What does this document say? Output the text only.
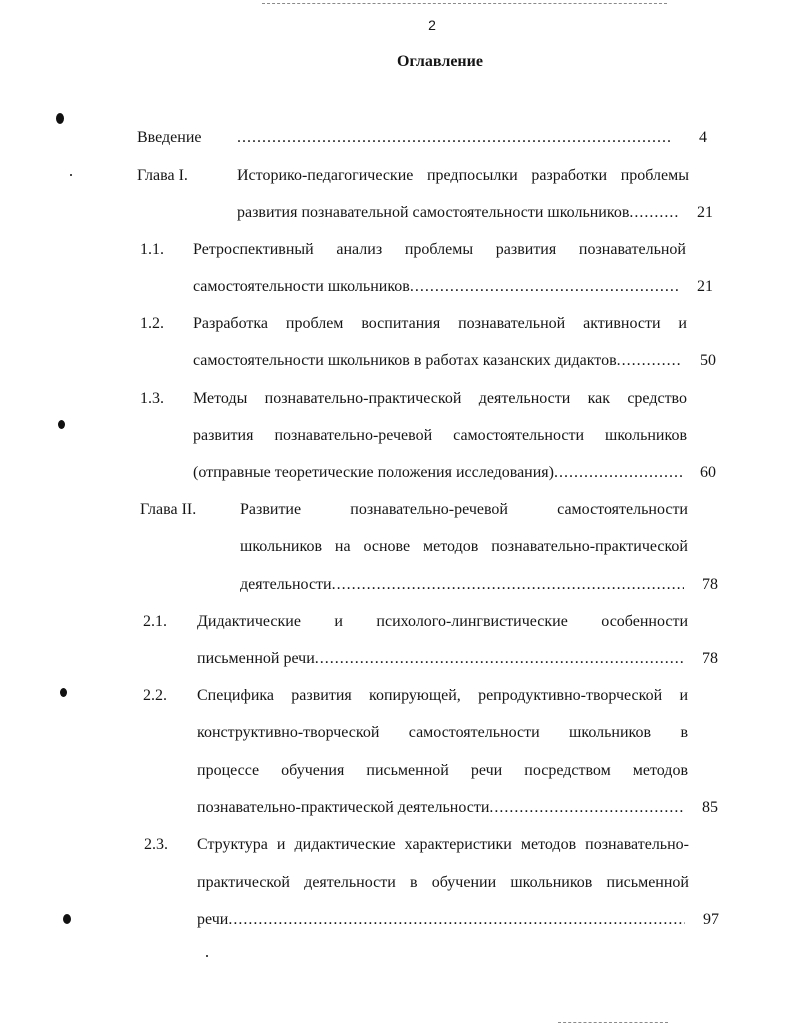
2
Оглавление
Введение .....	4
Глава I.	Историко-педагогические предпосылки разработки проблемы
развития познавательной самостоятельности школьников .....	21
1.1. Ретроспективный анализ проблемы развития познавательной
самостоятельности школьников .....	21
1.2. Разработка проблем воспитания познавательной активности и
самостоятельности школьников в работах казанских дидактов .....	50
1.3. Методы познавательно-практической деятельности как средство
развития познавательно-речевой самостоятельности школьников
(отправные теоретические положения исследования) .....	60
Глава II.	Развитие познавательно-речевой самостоятельности
школьников на основе методов познавательно-практической
деятельности .....	78
2.1. Дидактические и психолого-лингвистические особенности
письменной речи .....	78
2.2. Специфика развития копирующей, репродуктивно-творческой и
конструктивно-творческой самостоятельности школьников в
процессе обучения письменной речи посредством методов
познавательно-практической деятельности .....	85
2.3. Структура и дидактические характеристики методов познавательно-
практической деятельности в обучении школьников письменной
речи .....	97
